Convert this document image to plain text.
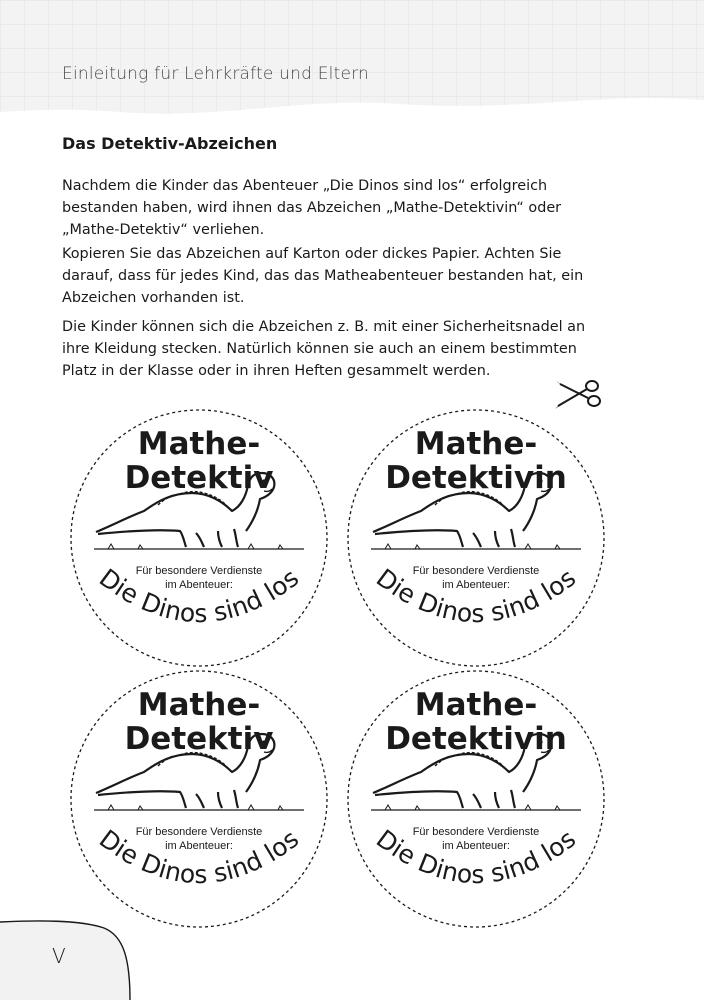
Einleitung für Lehrkräfte und Eltern
Das Detektiv-Abzeichen

Nachdem die Kinder das Abenteuer „Die Dinos sind los“ erfolgreich bestanden haben, wird ihnen das Abzeichen „Mathe-Detektivin“ oder „Mathe-Detektiv“ verliehen.

Kopieren Sie das Abzeichen auf Karton oder dickes Papier. Achten Sie darauf, dass für jedes Kind, das das Matheabenteuer bestanden hat, ein Abzeichen vorhanden ist.

Die Kinder können sich die Abzeichen z. B. mit einer Sicherheitsnadel an ihre Kleidung stecken. Natürlich können sie auch an einem bestimmten Platz in der Klasse oder in ihren Heften gesammelt werden.

Die Dinos sind los
Mathe-
Detektiv
Für besondere Verdienste
im Abenteuer:	Die Dinos sind los
Mathe-
Detektivin
Für besondere Verdienste
im Abenteuer:
Die Dinos sind los
Mathe-
Detektiv
Für besondere Verdienste
im Abenteuer:	Die Dinos sind los
Mathe-
Detektivin
Für besondere Verdienste
im Abenteuer:
V
